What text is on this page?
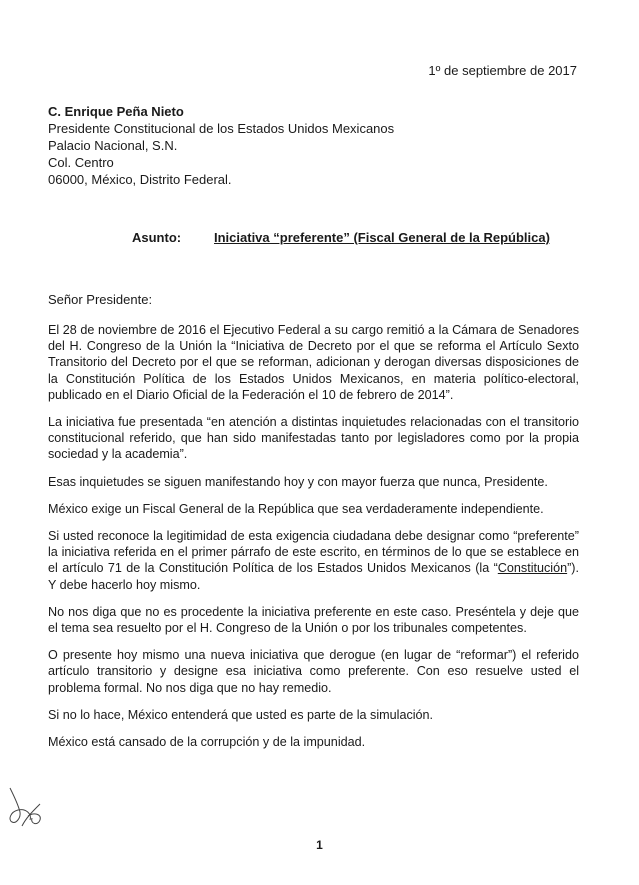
1º de septiembre de 2017
C. Enrique Peña Nieto
Presidente Constitucional de los Estados Unidos Mexicanos
Palacio Nacional, S.N.
Col. Centro
06000, México, Distrito Federal.
Asunto:	Iniciativa “preferente” (Fiscal General de la República)
Señor Presidente:

El 28 de noviembre de 2016 el Ejecutivo Federal a su cargo remitió a la Cámara de Senadores del H. Congreso de la Unión la “Iniciativa de Decreto por el que se reforma el Artículo Sexto Transitorio del Decreto por el que se reforman, adicionan y derogan diversas disposiciones de la Constitución Política de los Estados Unidos Mexicanos, en materia político-electoral, publicado en el Diario Oficial de la Federación el 10 de febrero de 2014”.

La iniciativa fue presentada “en atención a distintas inquietudes relacionadas con el transitorio constitucional referido, que han sido manifestadas tanto por legisladores como por la propia sociedad y la academia”.

Esas inquietudes se siguen manifestando hoy y con mayor fuerza que nunca, Presidente.

México exige un Fiscal General de la República que sea verdaderamente independiente.

Si usted reconoce la legitimidad de esta exigencia ciudadana debe designar como “preferente” la iniciativa referida en el primer párrafo de este escrito, en términos de lo que se establece en el artículo 71 de la Constitución Política de los Estados Unidos Mexicanos (la “Constitución”). Y debe hacerlo hoy mismo.

No nos diga que no es procedente la iniciativa preferente en este caso. Preséntela y deje que el tema sea resuelto por el H. Congreso de la Unión o por los tribunales competentes.

O presente hoy mismo una nueva iniciativa que derogue (en lugar de “reformar”) el referido artículo transitorio y designe esa iniciativa como preferente. Con eso resuelve usted el problema formal. No nos diga que no hay remedio.

Si no lo hace, México entenderá que usted es parte de la simulación.

México está cansado de la corrupción y de la impunidad.

1
